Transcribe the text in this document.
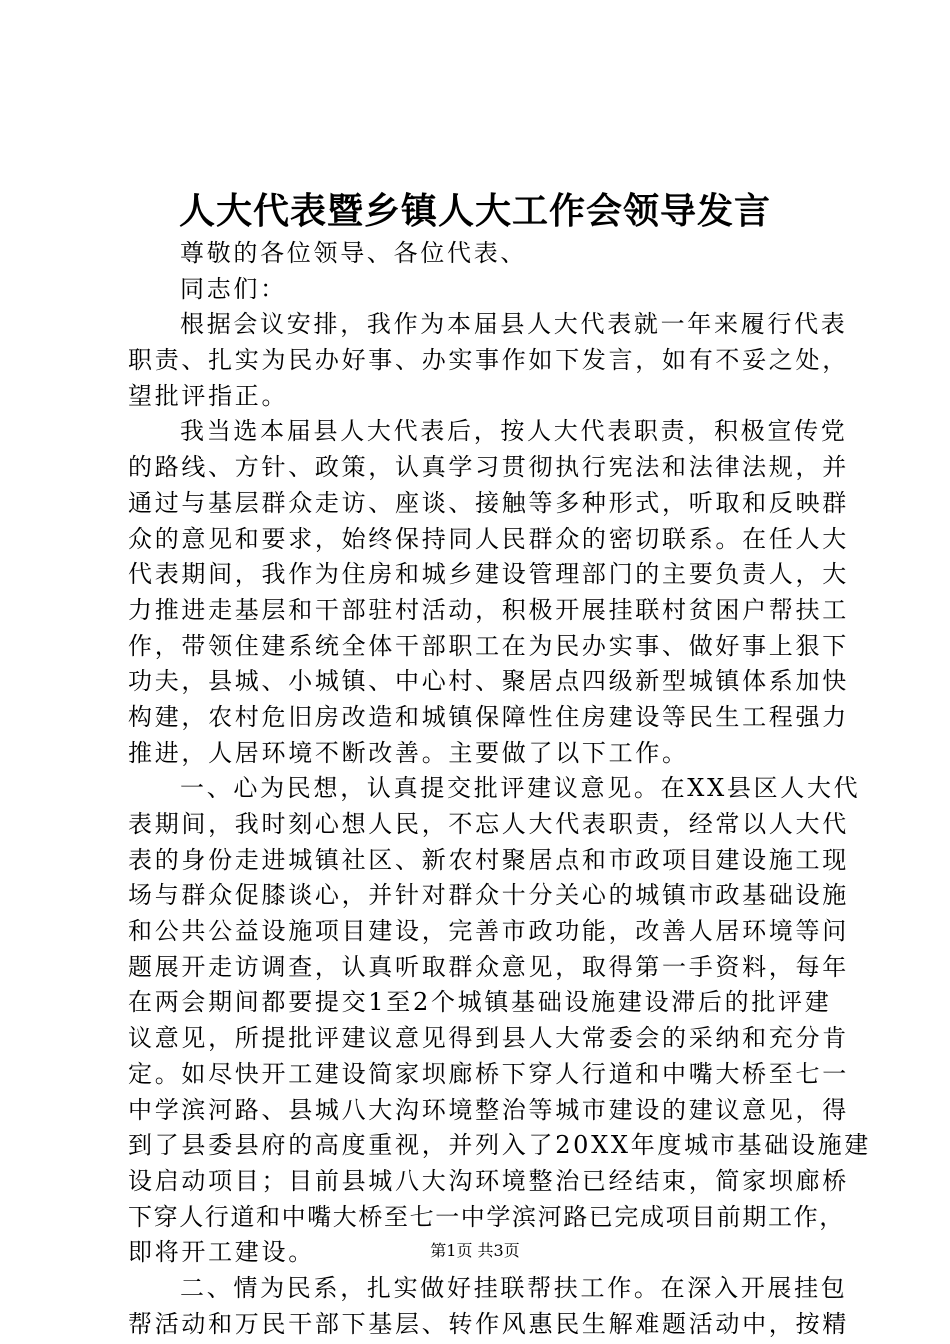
人大代表暨乡镇人大工作会领导发言
尊敬的各位领导、各位代表、
同志们：
根据会议安排，我作为本届县人大代表就一年来履行代表
职责、扎实为民办好事、办实事作如下发言，如有不妥之处，
望批评指正。
我当选本届县人大代表后，按人大代表职责，积极宣传党
的路线、方针、政策，认真学习贯彻执行宪法和法律法规，并
通过与基层群众走访、座谈、接触等多种形式，听取和反映群
众的意见和要求，始终保持同人民群众的密切联系。在任人大
代表期间，我作为住房和城乡建设管理部门的主要负责人，大
力推进走基层和干部驻村活动，积极开展挂联村贫困户帮扶工
作，带领住建系统全体干部职工在为民办实事、做好事上狠下
功夫，县城、小城镇、中心村、聚居点四级新型城镇体系加快
构建，农村危旧房改造和城镇保障性住房建设等民生工程强力
推进，人居环境不断改善。主要做了以下工作。
一、心为民想，认真提交批评建议意见。在XX县区人大代
表期间，我时刻心想人民，不忘人大代表职责，经常以人大代
表的身份走进城镇社区、新农村聚居点和市政项目建设施工现
场与群众促膝谈心，并针对群众十分关心的城镇市政基础设施
和公共公益设施项目建设，完善市政功能，改善人居环境等问
题展开走访调查，认真听取群众意见，取得第一手资料，每年
在两会期间都要提交1至2个城镇基础设施建设滞后的批评建
议意见，所提批评建议意见得到县人大常委会的采纳和充分肯
定。如尽快开工建设简家坝廊桥下穿人行道和中嘴大桥至七一
中学滨河路、县城八大沟环境整治等城市建设的建议意见，得
到了县委县府的高度重视，并列入了20XX年度城市基础设施建
设启动项目；目前县城八大沟环境整治已经结束，简家坝廊桥
下穿人行道和中嘴大桥至七一中学滨河路已完成项目前期工作，
即将开工建设。
二、情为民系，扎实做好挂联帮扶工作。在深入开展挂包
帮活动和万民干部下基层、转作风惠民生解难题活动中，按精
第1页 共3页
